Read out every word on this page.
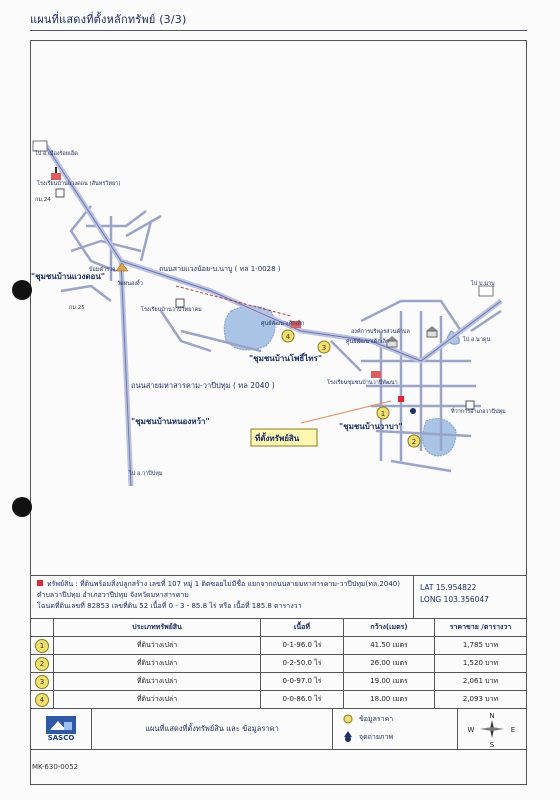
แผนที่แสดงที่ตั้งหลักทรัพย์ (3/3)
1
2
3
4
ไป อ.เมืองร้อยเอ็ด
โรงเรียนบ้านแวงดอน (สันทรวิทยา)
กม.24
"ชุมชนบ้านแวงดอน"
ป้อมตำรวจ
วัดหนองงิ้ว
กม.25
ถนนสายแวงน้อย-บ.นาบู ( ทล 1-0028 )
โรงเรียนบ้านวาปีวิทยาคม
"ชุมชนบ้านโพธิ์ไทร"
ถนนสายมหาสารคาม-วาปีปทุม ( ทล 2040 )
"ชุมชนบ้านหนองหว้า"
ไป อ.วาปีปทุม
ศูนย์พัฒนาเด็กเล็ก
องค์การบริหารส่วนตำบล
ศูนย์พัฒนาเด็กเล็ก
โรงเรียนชุมชนบ้านวาปีพัฒนา
"ชุมชนบ้านวาบา"
ที่ตั้งทรัพย์สิน
ที่ว่าการอำเภอวาปีปทุม
ไป บ.นาบู
ไป อ.นาดูน
ทรัพย์สิน : ที่ดินพร้อมสิ่งปลูกสร้าง เลขที่ 107 หมู่ 1 ติดซอยไม่มีชื่อ แยกจากถนนสายมหาสารคาม-วาปีปทุม(ทล.2040)
ตำบลวาปีปทุม อำเภอวาปีปทุม จังหวัดมหาสารคาม
โฉนดที่ดินเลขที่ 82853 เลขที่ดิน 52 เนื้อที่ 0 - 3 - 85.8 ไร่ หรือ เนื้อที่ 185.8 ตารางวา
LAT 15.954822
LONG 103.356047
ประเภททรัพย์สิน	เนื้อที่	กว้าง(เมตร)	ราคาขาย /ตารางวา
1	ที่ดินว่างเปล่า	0-1-96.0 ไร่	41.50 เมตร	1,785 บาท
2	ที่ดินว่างเปล่า	0-2-50.0 ไร่	26.00 เมตร	1,520 บาท
3	ที่ดินว่างเปล่า	0-0-97.0 ไร่	19.00 เมตร	2,061 บาท
4	ที่ดินว่างเปล่า	0-0-86.0 ไร่	18.00 เมตร	2,093 บาท
SASCO
แผนที่แสดงที่ตั้งทรัพย์สิน และ ข้อมูลราคา
ข้อมูลราคา
จุดถ่ายภาพ
N
S
E
W
MK-630-0052
